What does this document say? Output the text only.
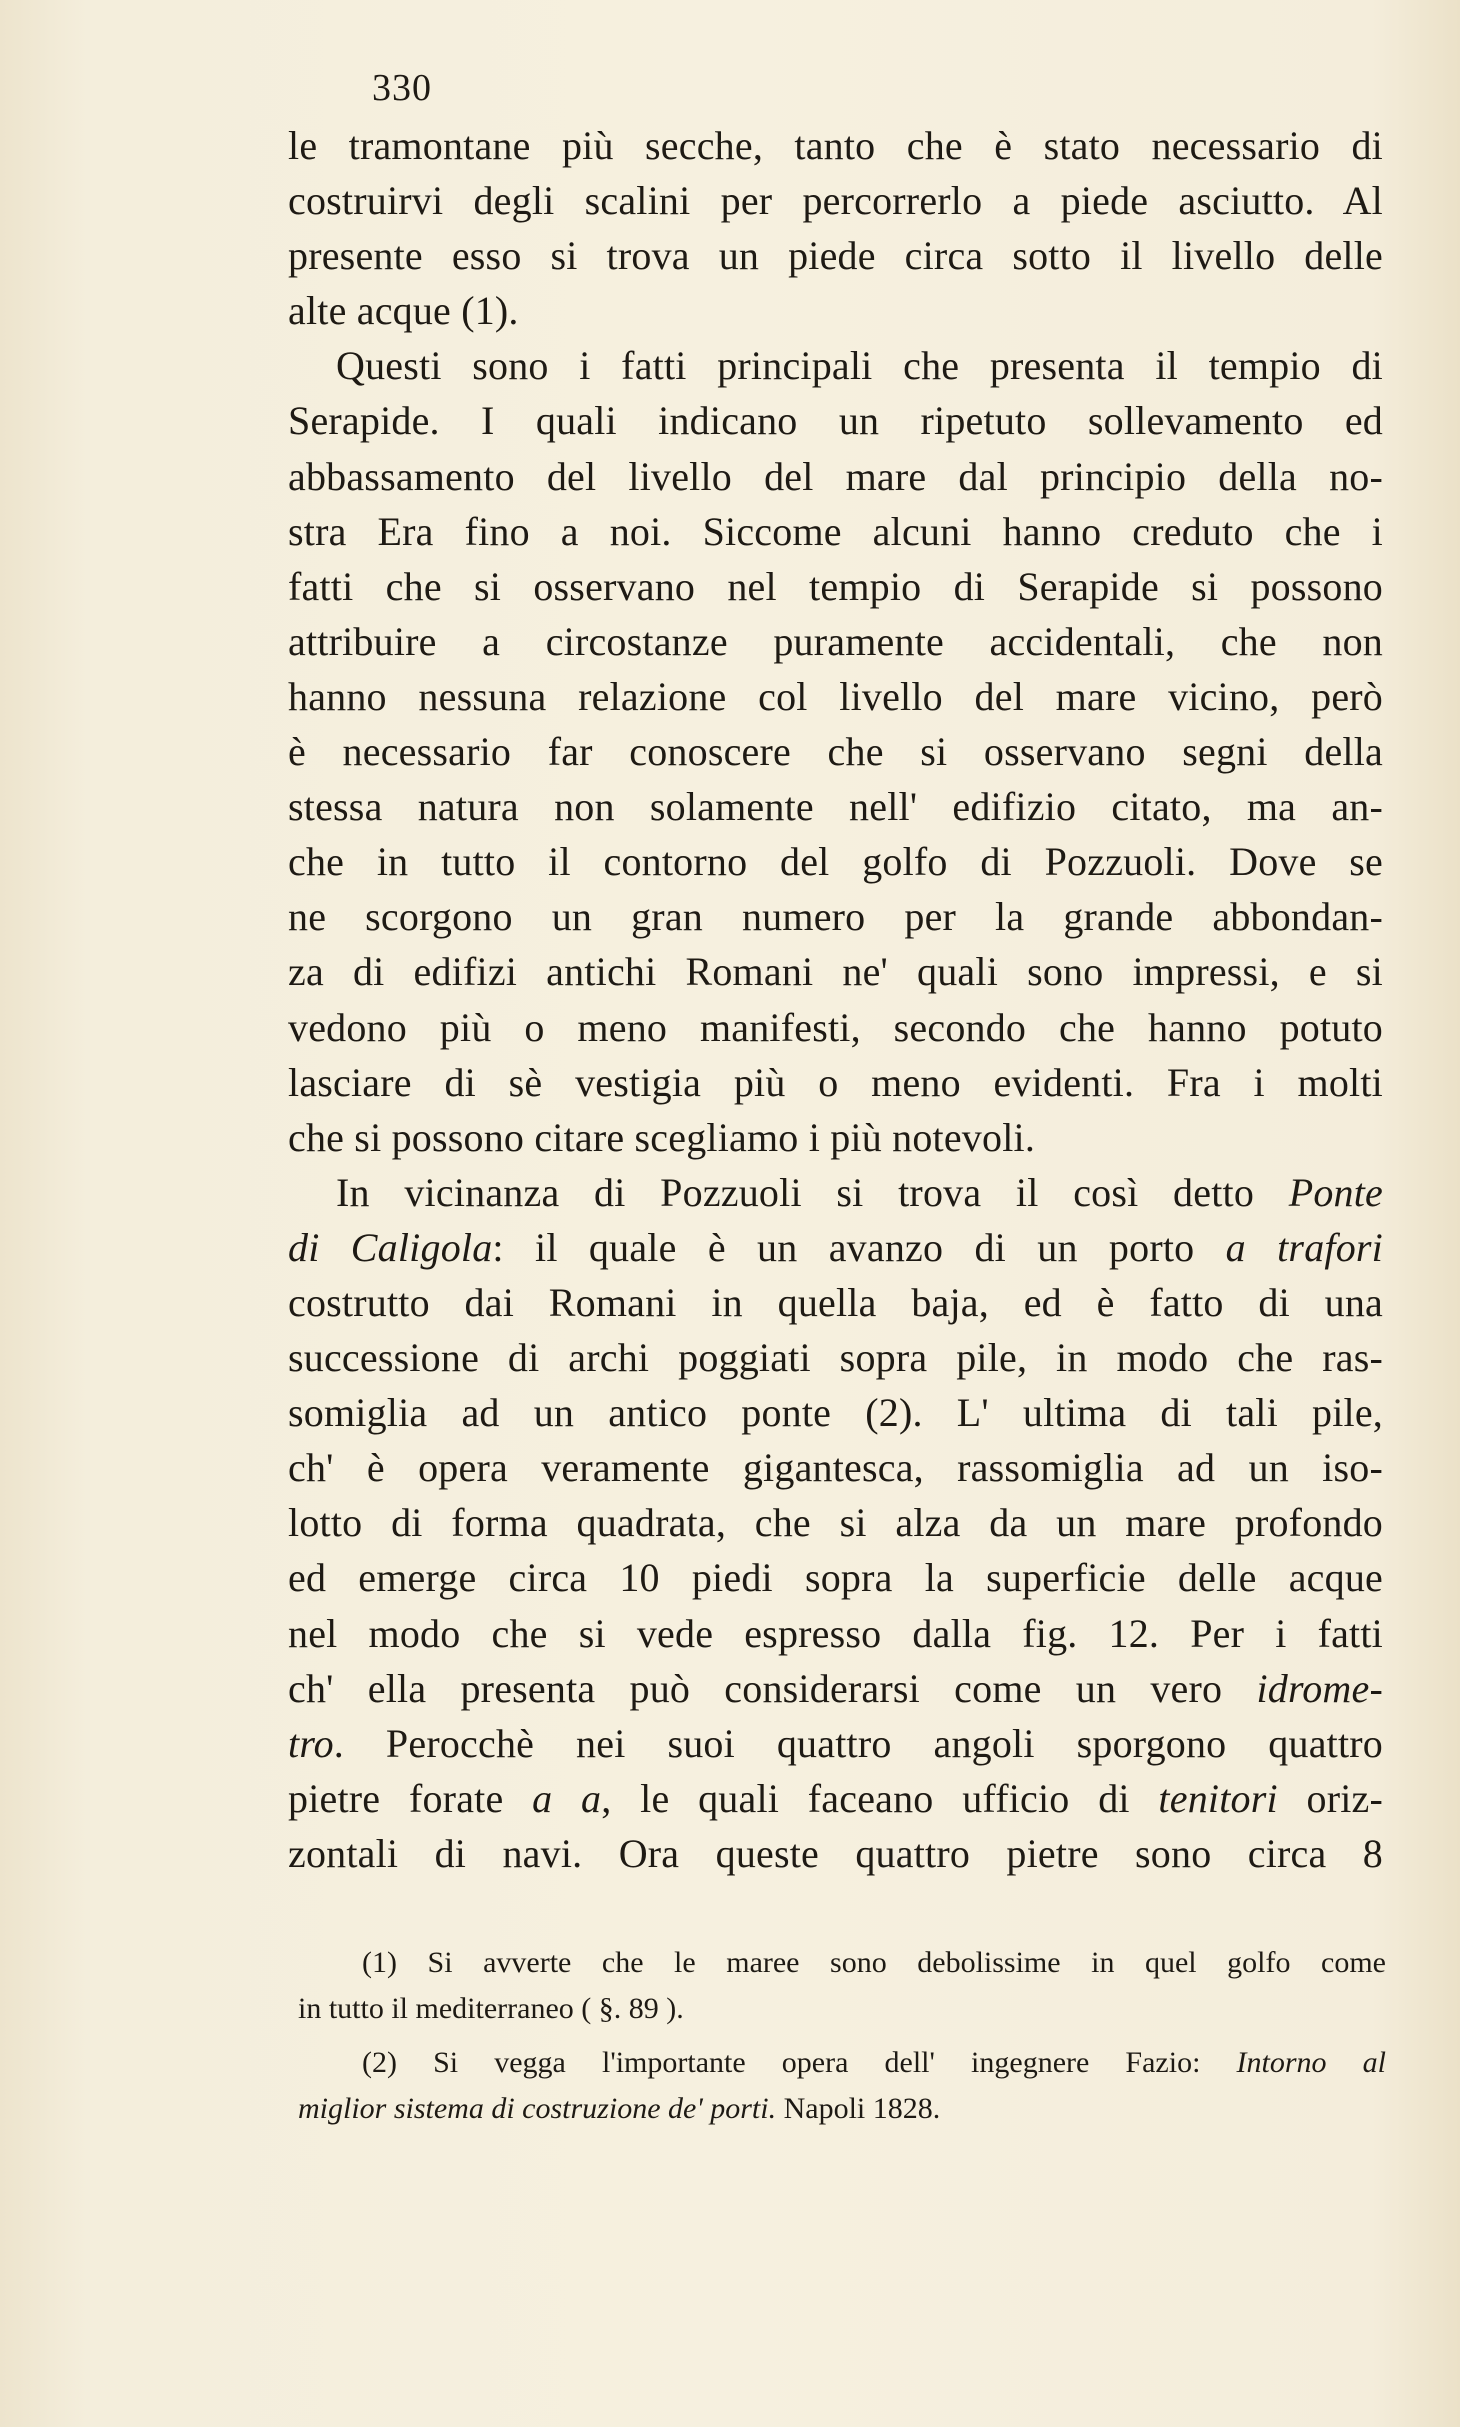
330
le tramontane più secche, tanto che è stato necessario di
costruirvi degli scalini per percorrerlo a piede asciutto. Al
presente esso si trova un piede circa sotto il livello delle
alte acque (1).
Questi sono i fatti principali che presenta il tempio di
Serapide. I quali indicano un ripetuto sollevamento ed
abbassamento del livello del mare dal principio della no-
stra Era fino a noi. Siccome alcuni hanno creduto che i
fatti che si osservano nel tempio di Serapide si possono
attribuire a circostanze puramente accidentali, che non
hanno nessuna relazione col livello del mare vicino, però
è necessario far conoscere che si osservano segni della
stessa natura non solamente nell' edifizio citato, ma an-
che in tutto il contorno del golfo di Pozzuoli. Dove se
ne scorgono un gran numero per la grande abbondan-
za di edifizi antichi Romani ne' quali sono impressi, e si
vedono più o meno manifesti, secondo che hanno potuto
lasciare di sè vestigia più o meno evidenti. Fra i molti
che si possono citare scegliamo i più notevoli.
In vicinanza di Pozzuoli si trova il così detto Ponte
di Caligola: il quale è un avanzo di un porto a trafori
costrutto dai Romani in quella baja, ed è fatto di una
successione di archi poggiati sopra pile, in modo che ras-
somiglia ad un antico ponte (2). L' ultima di tali pile,
ch' è opera veramente gigantesca, rassomiglia ad un iso-
lotto di forma quadrata, che si alza da un mare profondo
ed emerge circa 10 piedi sopra la superficie delle acque
nel modo che si vede espresso dalla fig. 12. Per i fatti
ch' ella presenta può considerarsi come un vero idrome-
tro. Perocchè nei suoi quattro angoli sporgono quattro
pietre forate a a, le quali faceano ufficio di tenitori oriz-
zontali di navi. Ora queste quattro pietre sono circa 8
(1) Si avverte che le maree sono debolissime in quel golfo come
in tutto il mediterraneo ( §. 89 ).
(2) Si vegga l'importante opera dell' ingegnere Fazio: Intorno al
miglior sistema di costruzione de' porti. Napoli 1828.
